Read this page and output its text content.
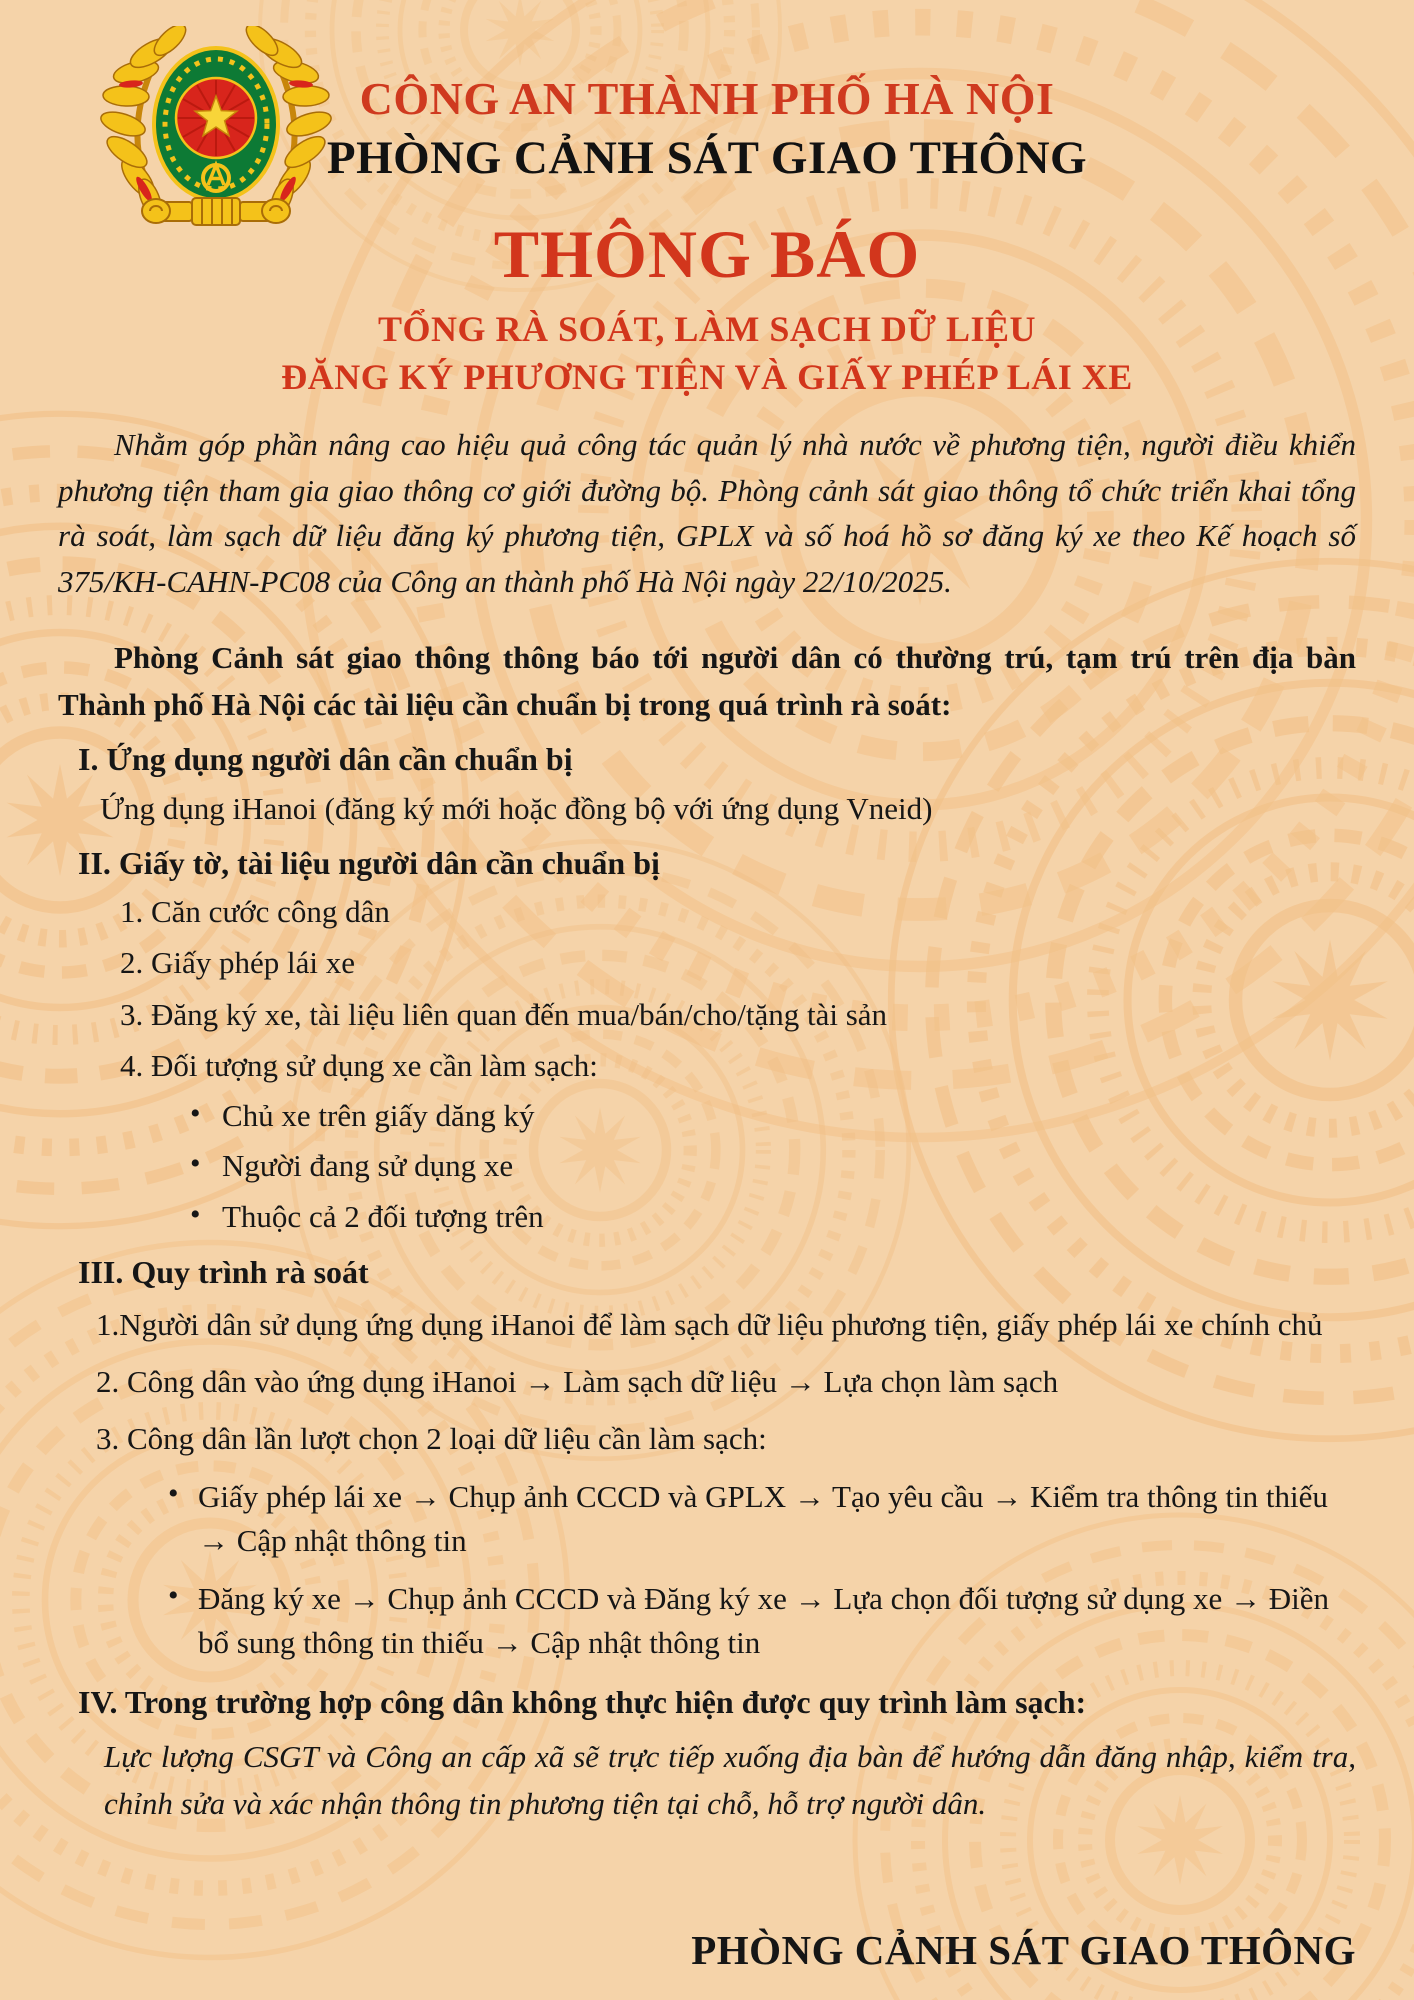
CÔNG AN THÀNH PHỐ HÀ NỘI
PHÒNG CẢNH SÁT GIAO THÔNG
THÔNG BÁO
TỔNG RÀ SOÁT, LÀM SẠCH DỮ LIỆU
ĐĂNG KÝ PHƯƠNG TIỆN VÀ GIẤY PHÉP LÁI XE

Nhằm góp phần nâng cao hiệu quả công tác quản lý nhà nước về phương tiện, người điều khiển phương tiện tham gia giao thông cơ giới đường bộ. Phòng cảnh sát giao thông tổ chức triển khai tổng rà soát, làm sạch dữ liệu đăng ký phương tiện, GPLX và số hoá hồ sơ đăng ký xe theo Kế hoạch số 375/KH-CAHN-PC08 của Công an thành phố Hà Nội ngày 22/10/2025.

Phòng Cảnh sát giao thông thông báo tới người dân có thường trú, tạm trú trên địa bàn Thành phố Hà Nội các tài liệu cần chuẩn bị trong quá trình rà soát:

I. Ứng dụng người dân cần chuẩn bị
Ứng dụng iHanoi (đăng ký mới hoặc đồng bộ với ứng dụng Vneid)
II. Giấy tờ, tài liệu người dân cần chuẩn bị
1. Căn cước công dân
2. Giấy phép lái xe
3. Đăng ký xe, tài liệu liên quan đến mua/bán/cho/tặng tài sản
4. Đối tượng sử dụng xe cần làm sạch:
• Chủ xe trên giấy dăng ký
• Người đang sử dụng xe
• Thuộc cả 2 đối tượng trên
III. Quy trình rà soát
1.Người dân sử dụng ứng dụng iHanoi để làm sạch dữ liệu phương tiện, giấy phép lái xe chính chủ
2. Công dân vào ứng dụng iHanoi → Làm sạch dữ liệu → Lựa chọn làm sạch
3. Công dân lần lượt chọn 2 loại dữ liệu cần làm sạch:
• Giấy phép lái xe → Chụp ảnh CCCD và GPLX → Tạo yêu cầu → Kiểm tra thông tin thiếu → Cập nhật thông tin
• Đăng ký xe → Chụp ảnh CCCD và Đăng ký xe → Lựa chọn đối tượng sử dụng xe → Điền bổ sung thông tin thiếu → Cập nhật thông tin
IV. Trong trường hợp công dân không thực hiện được quy trình làm sạch:
Lực lượng CSGT và Công an cấp xã sẽ trực tiếp xuống địa bàn để hướng dẫn đăng nhập, kiểm tra, chỉnh sửa và xác nhận thông tin phương tiện tại chỗ, hỗ trợ người dân.
PHÒNG CẢNH SÁT GIAO THÔNG
